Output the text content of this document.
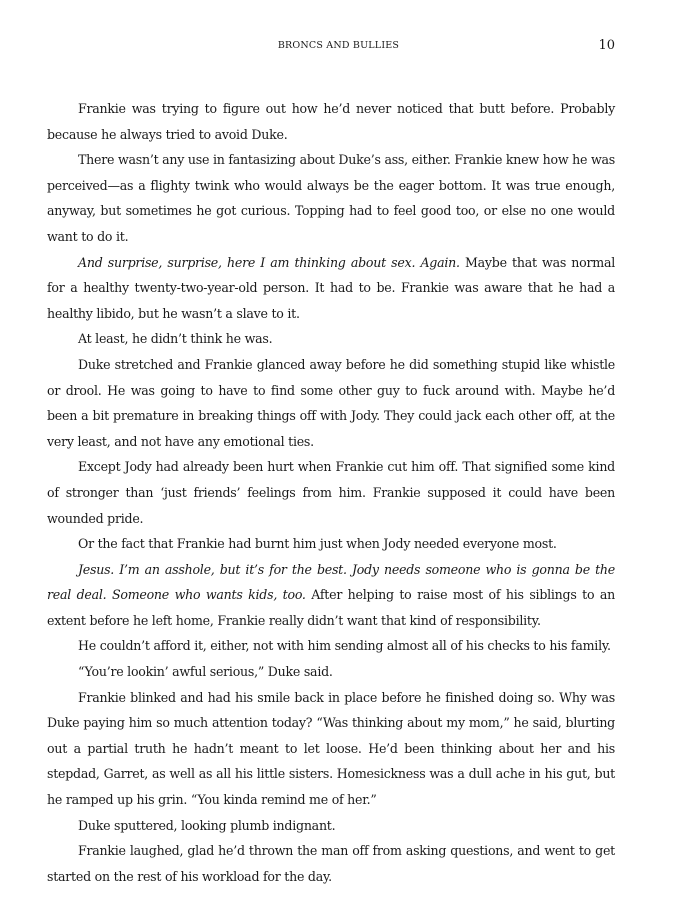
BRONCS AND BULLIES	10

Frankie was trying to figure out how he’d never noticed that butt before. Probably because he always tried to avoid Duke.

There wasn’t any use in fantasizing about Duke’s ass, either. Frankie knew how he was perceived—as a flighty twink who would always be the eager bottom. It was true enough, anyway, but sometimes he got curious. Topping had to feel good too, or else no one would want to do it.

And surprise, surprise, here I am thinking about sex. Again. Maybe that was normal for a healthy twenty-two-year-old person. It had to be. Frankie was aware that he had a healthy libido, but he wasn’t a slave to it.

At least, he didn’t think he was.

Duke stretched and Frankie glanced away before he did something stupid like whistle or drool. He was going to have to find some other guy to fuck around with. Maybe he’d been a bit premature in breaking things off with Jody. They could jack each other off, at the very least, and not have any emotional ties.

Except Jody had already been hurt when Frankie cut him off. That signified some kind of stronger than ‘just friends’ feelings from him. Frankie supposed it could have been wounded pride.

Or the fact that Frankie had burnt him just when Jody needed everyone most.

Jesus. I’m an asshole, but it’s for the best. Jody needs someone who is gonna be the real deal. Someone who wants kids, too. After helping to raise most of his siblings to an extent before he left home, Frankie really didn’t want that kind of responsibility.

He couldn’t afford it, either, not with him sending almost all of his checks to his family.

“You’re lookin’ awful serious,” Duke said.

Frankie blinked and had his smile back in place before he finished doing so. Why was Duke paying him so much attention today? “Was thinking about my mom,” he said, blurting out a partial truth he hadn’t meant to let loose. He’d been thinking about her and his stepdad, Garret, as well as all his little sisters. Homesickness was a dull ache in his gut, but he ramped up his grin. “You kinda remind me of her.”

Duke sputtered, looking plumb indignant.

Frankie laughed, glad he’d thrown the man off from asking questions, and went to get started on the rest of his workload for the day.
